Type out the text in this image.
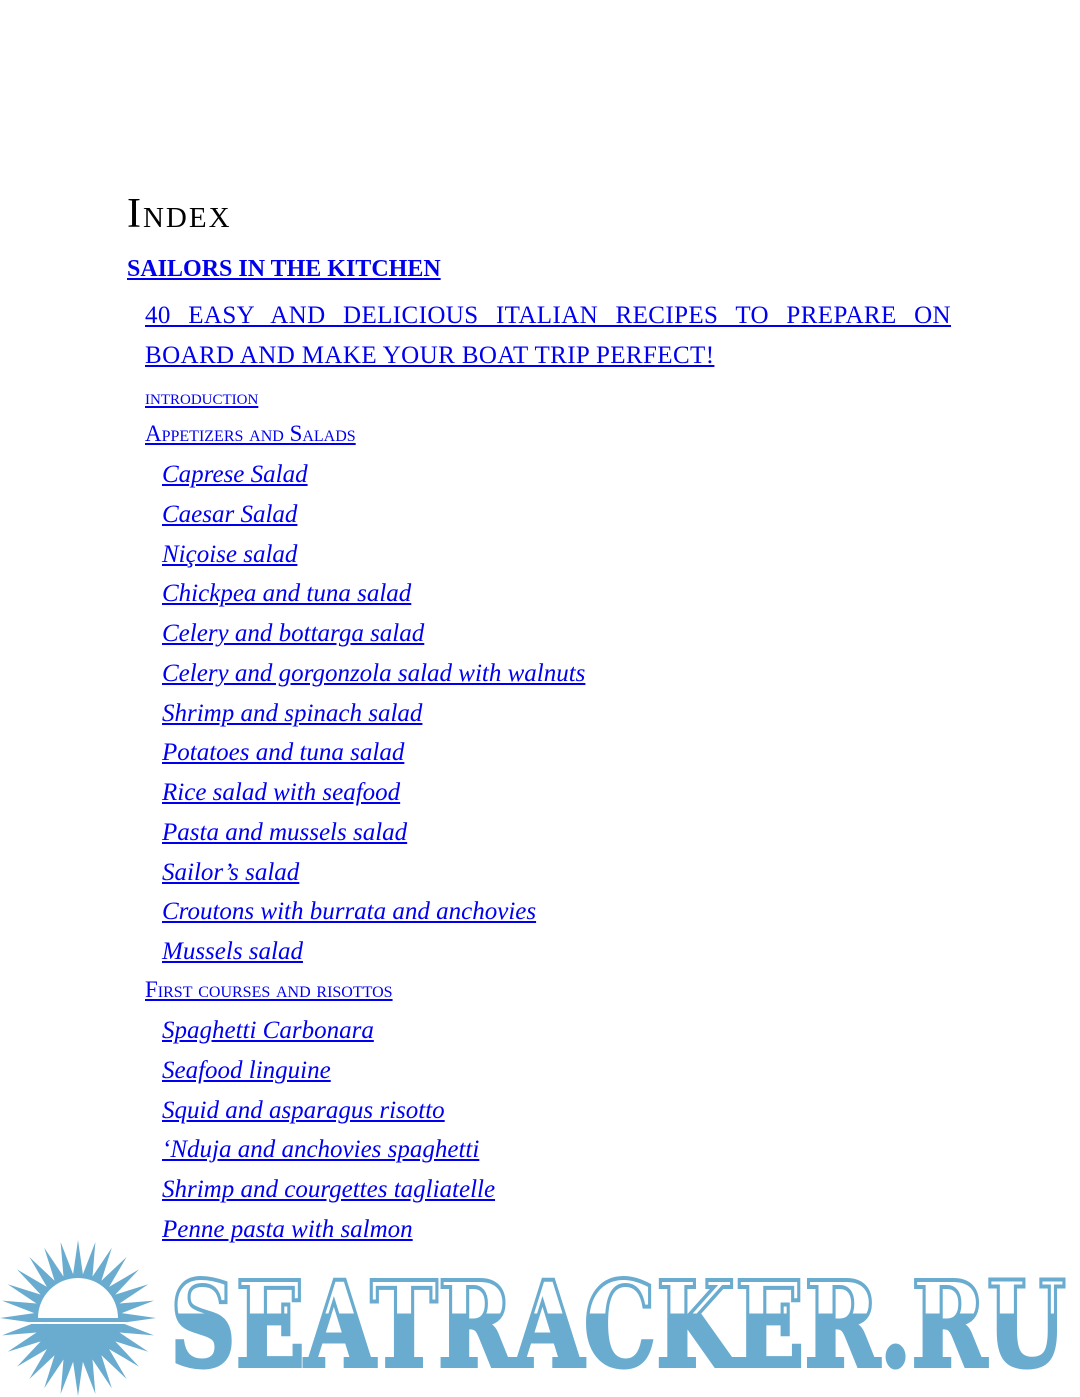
Index
SAILORS IN THE KITCHEN
40 EASY AND DELICIOUS ITALIAN RECIPES TO PREPARE ON BOARD AND MAKE YOUR BOAT TRIP PERFECT!
introduction
Appetizers and Salads
Caprese Salad
Caesar Salad
Niçoise salad
Chickpea and tuna salad
Celery and bottarga salad
Celery and gorgonzola salad with walnuts
Shrimp and spinach salad
Potatoes and tuna salad
Rice salad with seafood
Pasta and mussels salad
Sailor’s salad
Croutons with burrata and anchovies
Mussels salad
First courses and risottos
Spaghetti Carbonara
Seafood linguine
Squid and asparagus risotto
‘Nduja and anchovies spaghetti
Shrimp and courgettes tagliatelle
Penne pasta with salmon
SEATRACKER.RU
